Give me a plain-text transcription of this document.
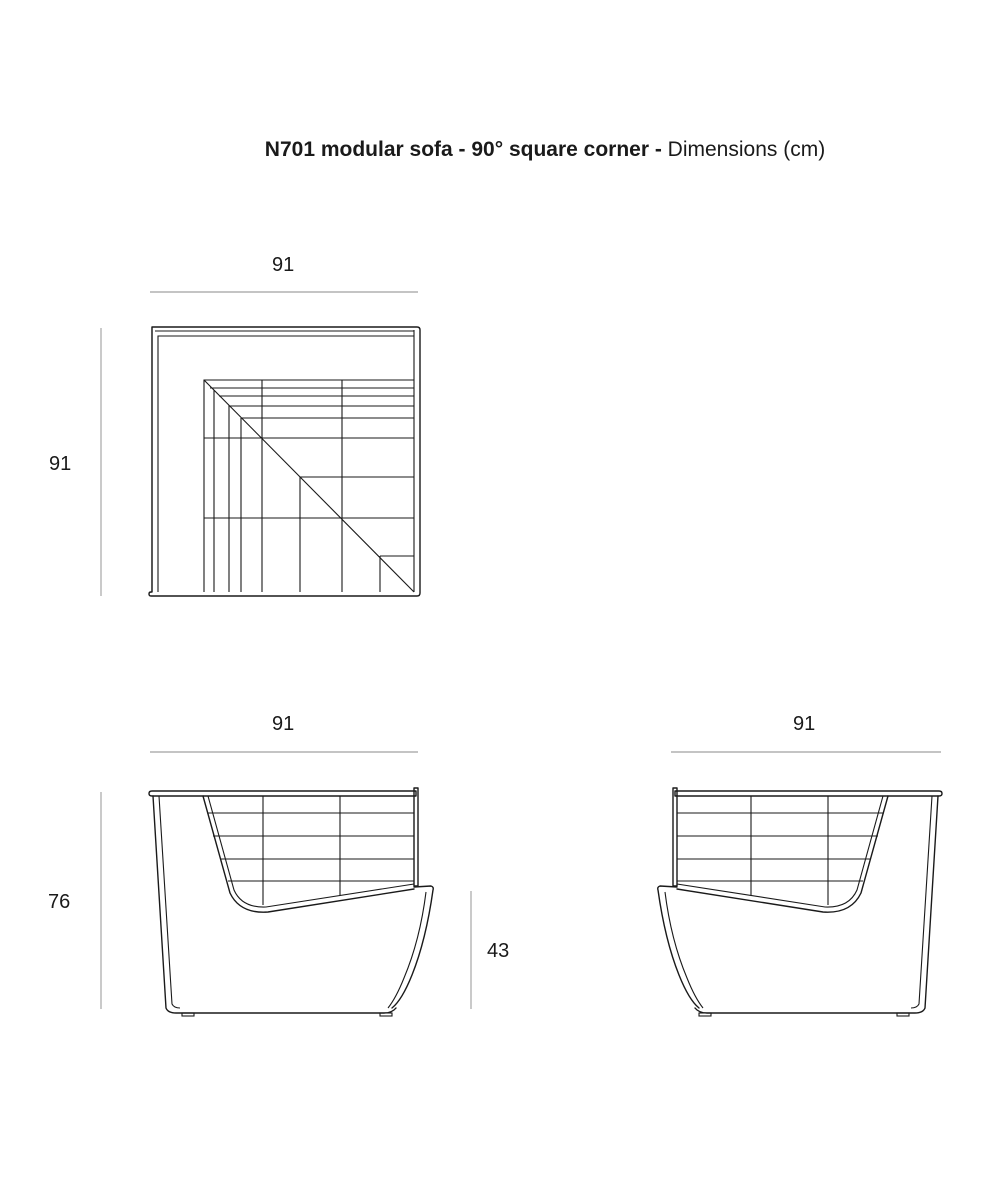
N701 modular sofa - 90° square corner - Dimensions (cm)
91
91
91
76
43
91
